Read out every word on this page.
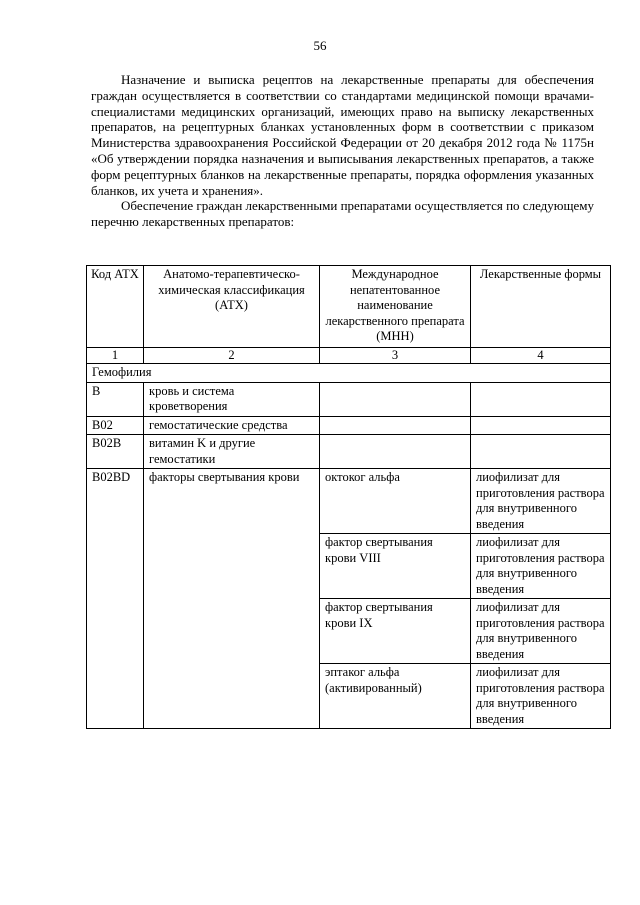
56

Назначение и выписка рецептов на лекарственные препараты для обеспечения граждан осуществляется в соответствии со стандартами медицинской помощи врачами-специалистами медицинских организаций, имеющих право на выписку лекарственных препаратов, на рецептурных бланках установленных форм в соответствии с приказом Министерства здравоохранения Российской Федерации от 20 декабря 2012 года № 1175н «Об утверждении порядка назначения и выписывания лекарственных препаратов, а также форм рецептурных бланков на лекарственные препараты, порядка оформления указанных бланков, их учета и хранения».

Обеспечение граждан лекарственными препаратами осуществляется по следующему перечню лекарственных препаратов:

Код АТХ	Анатомо-терапевтическо-химическая классификация (АТХ)	Международное непатентованное наименование лекарственного препарата (МНН)	Лекарственные формы
1	2	3	4
Гемофилия			
B	кровь и система кроветворения		
B02	гемостатические средства		
B02B	витамин K и другие гемостатики		
B02BD	факторы свертывания крови	октоког альфа	лиофилизат для приготовления раствора для внутривенного введения
		фактор свертывания крови VIII	лиофилизат для приготовления раствора для внутривенного введения
		фактор свертывания крови IX	лиофилизат для приготовления раствора для внутривенного введения
		эптаког альфа (активированный)	лиофилизат для приготовления раствора для внутривенного введения
